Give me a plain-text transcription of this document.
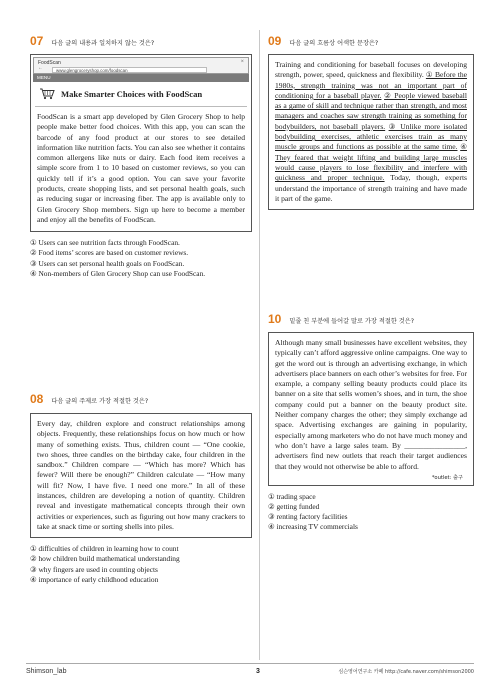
07 다음 글의 내용과 일치하지 않는 것은?
FoodScan	×
←	www.glengroceryshop.com/foodscan
MENU
Make Smarter Choices with FoodScan

FoodScan is a smart app developed by Glen Grocery Shop to help people make better food choices. With this app, you can scan the barcode of any food product at our stores to see detailed information like nutrition facts. You can also see whether it contains common allergens like nuts or dairy. Each food item receives a simple score from 1 to 10 based on customer reviews, so you can quickly tell if it’s a good option. You can save your favorite products, create shopping lists, and set personal health goals, such as reducing sugar or increasing fiber. The app is available only to Glen Grocery Shop members. Sign up here to become a member and enjoy all the benefits of FoodScan.

① Users can see nutrition facts through FoodScan.
② Food items’ scores are based on customer reviews.
③ Users can set personal health goals on FoodScan.
④ Non-members of Glen Grocery Shop can use FoodScan.
08 다음 글의 주제로 가장 적절한 것은?

Every day, children explore and construct relationships among objects. Frequently, these relationships focus on how much or how many of something exists. Thus, children count — “One cookie, two shoes, three candles on the birthday cake, four children in the sandbox.” Children compare — “Which has more? Which has fewer? Will there be enough?” Children calculate — “How many will fit? Now, I have five. I need one more.” In all of these instances, children are developing a notion of quantity. Children reveal and investigate mathematical concepts through their own activities or experiences, such as figuring out how many crackers to take at snack time or sorting shells into piles.

① difficulties of children in learning how to count
② how children build mathematical understanding
③ why fingers are used in counting objects
④ importance of early childhood education
09 다음 글의 흐름상 어색한 문장은?

Training and conditioning for baseball focuses on developing strength, power, speed, quickness and flexibility. ① Before the 1980s, strength training was not an important part of conditioning for a baseball player. ② People viewed baseball as a game of skill and technique rather than strength, and most managers and coaches saw strength training as something for bodybuilders, not baseball players. ③ Unlike more isolated bodybuilding exercises, athletic exercises train as many muscle groups and functions as possible at the same time. ④ They feared that weight lifting and building large muscles would cause players to lose flexibility and interfere with quickness and proper technique. Today, though, experts understand the importance of strength training and have made it part of the game.

10 밑줄 친 부분에 들어갈 말로 가장 적절한 것은?

Although many small businesses have excellent websites, they typically can’t afford aggressive online campaigns. One way to get the word out is through an advertising exchange, in which advertisers place banners on each other’s websites for free. For example, a company selling beauty products could place its banner on a site that sells women’s shoes, and in turn, the shoe company could put a banner on the beauty product site. Neither company charges the other; they simply exchange ad space. Advertising exchanges are gaining in popularity, especially among marketers who do not have much money and who don’t have a large sales team. By ________________, advertisers find new outlets that reach their target audiences that they would not otherwise be able to afford.

*outlet: 출구
① trading space
② getting funded
③ renting factory facilities
④ increasing TV commercials
Shimson_lab	3	심슨영어연구소 카페 http://cafe.naver.com/shimson2000
